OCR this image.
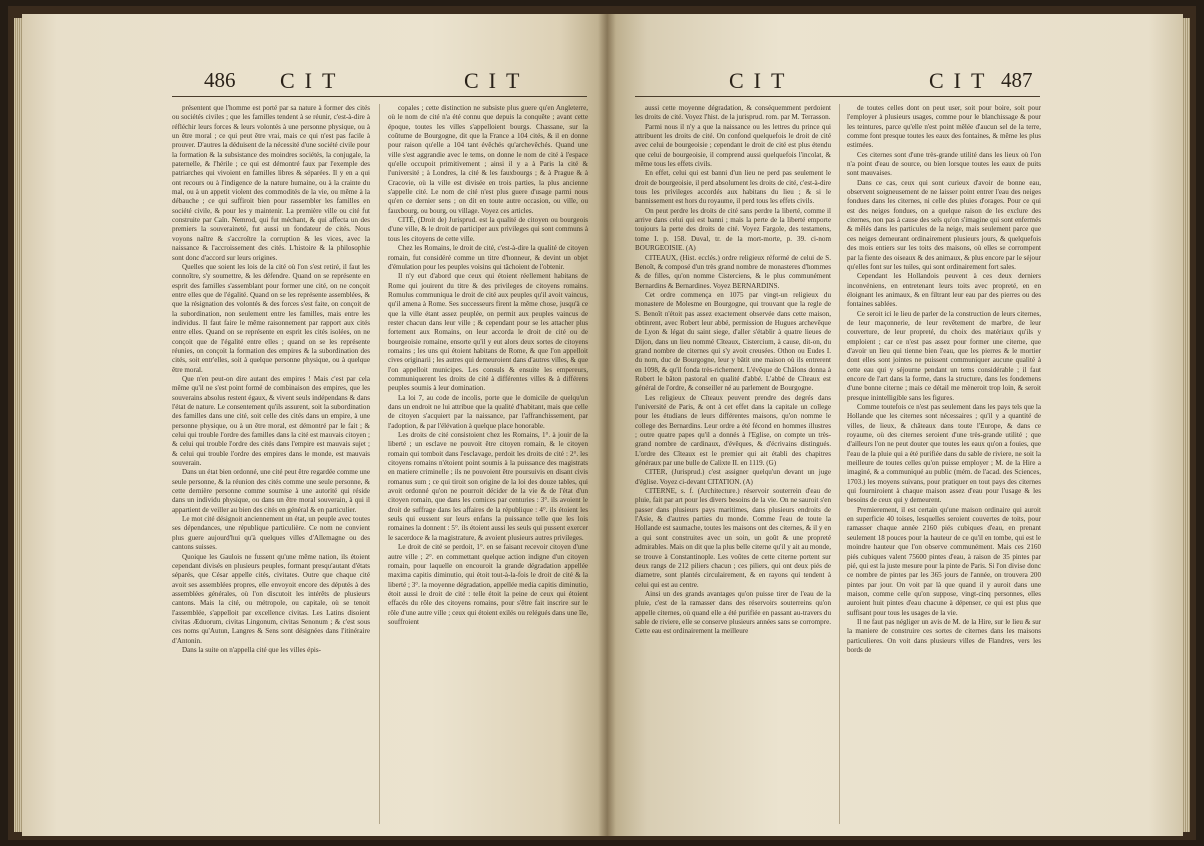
486 CIT	CIT

présentent que l'homme est porté par sa nature à former des cités ou sociétés civiles ; que les familles tendent à se réunir, c'est-à-dire à réfléchir leurs forces & leurs volontés à une personne physique, ou à un être moral ; ce qui peut être vrai, mais ce qui n'est pas facile à prouver. D'autres la déduisent de la nécessité d'une société civile pour la formation & la subsistance des moindres sociétés, la conjugale, la paternelle, & l'hérile ; ce qui est démontré faux par l'exemple des patriarches qui vivoient en familles libres & séparées. Il y en a qui ont recours ou à l'indigence de la nature humaine, ou à la crainte du mal, ou à un appetit violent des commodités de la vie, ou même à la débauche ; ce qui suffiroit bien pour rassembler les familles en société civile, & pour les y maintenir. La première ville ou cité fut construite par Caïn. Nemrod, qui fut méchant, & qui affecta un des premiers la souveraineté, fut aussi un fondateur de cités. Nous voyons naître & s'accroître la corruption & les vices, avec la naissance & l'accroissement des cités. L'histoire & la philosophie sont donc d'accord sur leurs origines.

Quelles que soient les lois de la cité où l'on s'est retiré, il faut les connoître, s'y soumettre, & les défendre. Quand on se représente en esprit des familles s'assemblant pour former une cité, on ne conçoit entre elles que de l'égalité. Quand on se les représente assemblées, & que la résignation des volontés & des forces s'est faite, on conçoit de la subordination, non seulement entre les familles, mais entre les individus. Il faut faire le même raisonnement par rapport aux cités entre elles. Quand on se représente en esprit les cités isolées, on ne conçoit que de l'égalité entre elles ; quand on se les représente réunies, on conçoit la formation des empires & la subordination des cités, soit entr'elles, soit à quelque personne physique, ou à quelque être moral.

Que n'en peut-on dire autant des empires ! Mais c'est par cela même qu'il ne s'est point formé de combinaison des empires, que les souverains absolus restent égaux, & vivent seuls indépendans & dans l'état de nature. Le consentement qu'ils assurent, soit la subordination des familles dans une cité, soit celle des cités dans un empire, à une personne physique, ou à un être moral, est démontré par le fait ; & celui qui trouble l'ordre des familles dans la cité est mauvais citoyen ; & celui qui trouble l'ordre des cités dans l'empire est mauvais sujet ; & celui qui trouble l'ordre des empires dans le monde, est mauvais souverain.

Dans un état bien ordonné, une cité peut être regardée comme une seule personne, & la réunion des cités comme une seule personne, & cette dernière personne comme soumise à une autorité qui réside dans un individu physique, ou dans un être moral souverain, à qui il appartient de veiller au bien des cités en général & en particulier.

Le mot cité désignoit anciennement un état, un peuple avec toutes ses dépendances, une république particulière. Ce nom ne convient plus guere aujourd'hui qu'à quelques villes d'Allemagne ou des cantons suisses.

Quoique les Gaulois ne fussent qu'une même nation, ils étoient cependant divisés en plusieurs peuples, formant presqu'autant d'états séparés, que César appelle cités, civitates. Outre que chaque cité avoit ses assemblées propres, elle envoyoit encore des députés à des assemblées générales, où l'on discutoit les intérêts de plusieurs cantons. Mais la cité, ou métropole, ou capitale, où se tenoit l'assemblée, s'appelloit par excellence civitas. Les Latins disoient civitas Æduorum, civitas Lingonum, civitas Senonum ; & c'est sous ces noms qu'Autun, Langres & Sens sont désignées dans l'itinéraire d'Antonin.

Dans la suite on n'appella cité que les villes épis-

copales ; cette distinction ne subsiste plus guere qu'en Angleterre, où le nom de cité n'a été connu que depuis la conquête ; avant cette époque, toutes les villes s'appelloient bourgs. Chassane, sur la coûtume de Bourgogne, dit que la France a 104 cités, & il en donne pour raison qu'elle a 104 tant évêchés qu'archevêchés. Quand une ville s'est aggrandie avec le tems, on donne le nom de cité à l'espace qu'elle occupoit primitivement ; ainsi il y a à Paris la cité & l'université ; à Londres, la cité & les fauxbourgs ; & à Prague & à Cracovie, où la ville est divisée en trois parties, la plus ancienne s'appelle cité. Le nom de cité n'est plus guere d'usage parmi nous qu'en ce dernier sens ; on dit en toute autre occasion, ou ville, ou fauxbourg, ou bourg, ou village. Voyez ces articles.

CITÉ, (Droit de) Jurisprud. est la qualité de citoyen ou bourgeois d'une ville, & le droit de participer aux privileges qui sont communs à tous les citoyens de cette ville.

Chez les Romains, le droit de cité, c'est-à-dire la qualité de citoyen romain, fut considéré comme un titre d'honneur, & devint un objet d'émulation pour les peuples voisins qui tâchoient de l'obtenir.

Il n'y eut d'abord que ceux qui étoient réellement habitans de Rome qui jouirent du titre & des privileges de citoyens romains. Romulus communiqua le droit de cité aux peuples qu'il avoit vaincus, qu'il amena à Rome. Ses successeurs firent la même chose, jusqu'à ce que la ville étant assez peuplée, on permit aux peuples vaincus de rester chacun dans leur ville ; & cependant pour se les attacher plus fortement aux Romains, on leur accorda le droit de cité ou de bourgeoisie romaine, ensorte qu'il y eut alors deux sortes de citoyens romains ; les uns qui étoient habitans de Rome, & que l'on appelloit cives originarii ; les autres qui demeuroient dans d'autres villes, & que l'on appelloit municipes. Les consuls & ensuite les empereurs, communiquerent les droits de cité à différentes villes & à différens peuples soumis à leur domination.

La loi 7, au code de incolis, porte que le domicile de quelqu'un dans un endroit ne lui attribue que la qualité d'habitant, mais que celle de citoyen s'acquiert par la naissance, par l'affranchissement, par l'adoption, & par l'élévation à quelque place honorable.

Les droits de cité consistoient chez les Romains, 1°. à jouir de la liberté ; un esclave ne pouvoit être citoyen romain, & le citoyen romain qui tomboit dans l'esclavage, perdoit les droits de cité : 2°. les citoyens romains n'étoient point soumis à la puissance des magistrats en matiere criminelle ; ils ne pouvoient être poursuivis en disant civis romanus sum ; ce qui tiroit son origine de la loi des douze tables, qui avoit ordonné qu'on ne pourroit décider de la vie & de l'état d'un citoyen romain, que dans les comices par centuries : 3°. ils avoient le droit de suffrage dans les affaires de la république : 4°. ils étoient les seuls qui eussent sur leurs enfans la puissance telle que les lois romaines la donnent : 5°. ils étoient aussi les seuls qui pussent exercer le sacerdoce & la magistrature, & avoient plusieurs autres privileges.

Le droit de cité se perdoit, 1°. en se faisant recevoir citoyen d'une autre ville ; 2°. en commettant quelque action indigne d'un citoyen romain, pour laquelle on encouroit la grande dégradation appellée maxima capitis diminutio, qui étoit tout-à-la-fois le droit de cité & la liberté ; 3°. la moyenne dégradation, appellée media capitis diminutio, étoit aussi le droit de cité : telle étoit la peine de ceux qui étoient effacés du rôle des citoyens romains, pour s'être fait inscrire sur le rôle d'une autre ville ; ceux qui étoient exilés ou relégués dans une île, souffroient

CIT	CIT 487

aussi cette moyenne dégradation, & conséquemment perdoient les droits de cité. Voyez l'hist. de la jurisprud. rom. par M. Terrasson.

Parmi nous il n'y a que la naissance ou les lettres du prince qui attribuent les droits de cité. On confond quelquefois le droit de cité avec celui de bourgeoisie ; cependant le droit de cité est plus étendu que celui de bourgeoisie, il comprend aussi quelquefois l'incolat, & même tous les effets civils.

En effet, celui qui est banni d'un lieu ne perd pas seulement le droit de bourgeoisie, il perd absolument les droits de cité, c'est-à-dire tous les privileges accordés aux habitans du lieu ; & si le bannissement est hors du royaume, il perd tous les effets civils.

On peut perdre les droits de cité sans perdre la liberté, comme il arrive dans celui qui est banni ; mais la perte de la liberté emporte toujours la perte des droits de cité. Voyez Fargole, des testamens, tome I. p. 158. Duval, tr. de la mort-morte, p. 39. ci-nom BOURGEOISIE. (A)

CITEAUX, (Hist. ecclés.) ordre religieux réformé de celui de S. Benoît, & composé d'un très grand nombre de monasteres d'hommes & de filles, qu'on nomme Cisterciens, & le plus communément Bernardins & Bernardines. Voyez BERNARDINS.

Cet ordre commença en 1075 par vingt-un religieux du monastere de Molesme en Bourgogne, qui trouvant que la regle de S. Benoît n'étoit pas assez exactement observée dans cette maison, obtinrent, avec Robert leur abbé, permission de Hugues archevêque de Lyon & légat du saint siege, d'aller s'établir à quatre lieues de Dijon, dans un lieu nommé Cîteaux, Cistercium, à cause, dit-on, du grand nombre de citernes qui s'y avoit creusées. Othon ou Eudes I. du nom, duc de Bourgogne, leur y bâtit une maison où ils entrerent en 1098, & qu'il fonda très-richement. L'évêque de Châlons donna à Robert le bâton pastoral en qualité d'abbé. L'abbé de Cîteaux est général de l'ordre, & conseiller né au parlement de Bourgogne.

Les religieux de Cîteaux peuvent prendre des degrés dans l'université de Paris, & ont à cet effet dans la capitale un college pour les étudians de leurs différentes maisons, qu'on nomme le college des Bernardins. Leur ordre a été fécond en hommes illustres ; outre quatre papes qu'il a donnés à l'Eglise, on compte un très-grand nombre de cardinaux, d'évêques, & d'écrivains distingués. L'ordre des Cîteaux est le premier qui ait établi des chapitres généraux par une bulle de Calixte II. en 1119. (G)

CITER, (Jurisprud.) c'est assigner quelqu'un devant un juge d'église. Voyez ci-devant CITATION. (A)

CITERNE, s. f. (Architecture.) réservoir souterrein d'eau de pluie, fait par art pour les divers besoins de la vie. On ne sauroit s'en passer dans plusieurs pays maritimes, dans plusieurs endroits de l'Asie, & d'autres parties du monde. Comme l'eau de toute la Hollande est saumache, toutes les maisons ont des citernes, & il y en a qui sont construites avec un soin, un goût & une propreté admirables. Mais on dit que la plus belle citerne qu'il y ait au monde, se trouve à Constantinople. Les voûtes de cette citerne portent sur deux rangs de 212 piliers chacun ; ces piliers, qui ont deux piés de diametre, sont plantés circulairement, & en rayons qui tendent à celui qui est au centre.

Ainsi un des grands avantages qu'on puisse tirer de l'eau de la pluie, c'est de la ramasser dans des réservoirs souterreins qu'on appelle citernes, où quand elle a été purifiée en passant au-travers du sable de riviere, elle se conserve plusieurs années sans se corrompre. Cette eau est ordinairement la meilleure

de toutes celles dont on peut user, soit pour boire, soit pour l'employer à plusieurs usages, comme pour le blanchissage & pour les teintures, parce qu'elle n'est point mêlée d'aucun sel de la terre, comme font presque toutes les eaux des fontaines, & même les plus estimées.

Ces citernes sont d'une très-grande utilité dans les lieux où l'on n'a point d'eau de source, ou bien lorsque toutes les eaux de puits sont mauvaises.

Dans ce cas, ceux qui sont curieux d'avoir de bonne eau, observent soigneusement de ne laisser point entrer l'eau des neiges fondues dans les citernes, ni celle des pluies d'orages. Pour ce qui est des neiges fondues, on a quelque raison de les exclure des citernes, non pas à cause des sels qu'on s'imagine qui sont enfermés & mêlés dans les particules de la neige, mais seulement parce que ces neiges demeurant ordinairement plusieurs jours, & quelquefois des mois entiers sur les toits des maisons, où elles se corrompent par la fiente des oiseaux & des animaux, & plus encore par le séjour qu'elles font sur les tuiles, qui sont ordinairement fort sales.

Cependant les Hollandois peuvent à ces deux derniers inconvéniens, en entretenant leurs toits avec propreté, en en éloignant les animaux, & en filtrant leur eau par des pierres ou des fontaines sablées.

Ce seroit ici le lieu de parler de la construction de leurs citernes, de leur maçonnerie, de leur revêtement de marbre, de leur couverture, de leur propreté, du choix des matériaux qu'ils y emploient ; car ce n'est pas assez pour former une citerne, que d'avoir un lieu qui tienne bien l'eau, que les pierres & le mortier dont elles sont jointes ne puissent communiquer aucune qualité à cette eau qui y séjourne pendant un tems considérable ; il faut encore de l'art dans la forme, dans la structure, dans les fondemens d'une bonne citerne ; mais ce détail me mèneroit trop loin, & seroit presque inintelligible sans les figures.

Comme toutefois ce n'est pas seulement dans les pays tels que la Hollande que les citernes sont nécessaires ; qu'il y a quantité de villes, de lieux, & châteaux dans toute l'Europe, & dans ce royaume, où des citernes seroient d'une très-grande utilité ; que d'ailleurs l'on ne peut douter que toutes les eaux qu'on a fouies, que l'eau de la pluie qui a été purifiée dans du sable de riviere, ne soit la meilleure de toutes celles qu'on puisse employer ; M. de la Hire a imaginé, & a communiqué au public (mém. de l'acad. des Sciences, 1703.) les moyens suivans, pour pratiquer en tout pays des citernes qui fourniroient à chaque maison assez d'eau pour l'usage & les besoins de ceux qui y demeurent.

Premierement, il est certain qu'une maison ordinaire qui auroit en superficie 40 toises, lesquelles seroient couvertes de toits, pour ramasser chaque année 2160 piés cubiques d'eau, en prenant seulement 18 pouces pour la hauteur de ce qu'il en tombe, qui est le moindre hauteur que l'on observe communément. Mais ces 2160 piés cubiques valent 75600 pintes d'eau, à raison de 35 pintes par pié, qui est la juste mesure pour la pinte de Paris. Si l'on divise donc ce nombre de pintes par les 365 jours de l'année, on trouvera 200 pintes par jour. On voit par là que quand il y auroit dans une maison, comme celle qu'on suppose, vingt-cinq personnes, elles auroient huit pintes d'eau chacune à dépenser, ce qui est plus que suffisant pour tous les usages de la vie.

Il ne faut pas négliger un avis de M. de la Hire, sur le lieu & sur la maniere de construire ces sortes de citernes dans les maisons particulieres. On voit dans plusieurs villes de Flandres, vers les bords de
